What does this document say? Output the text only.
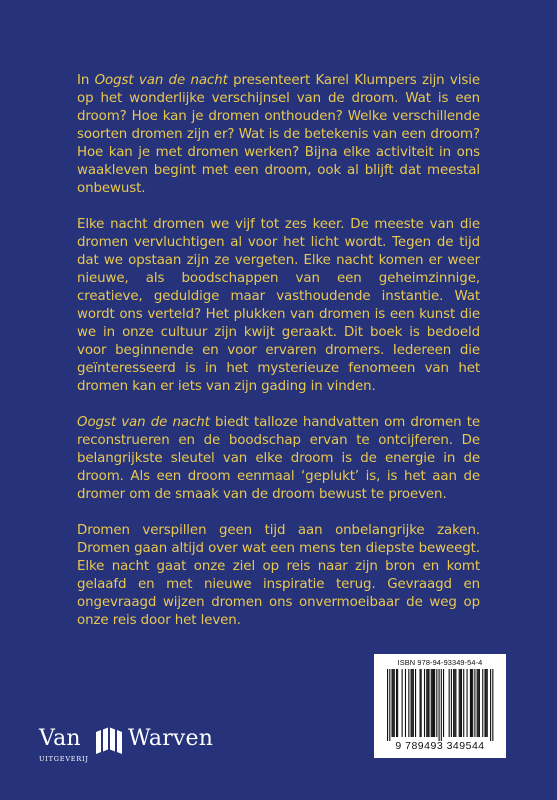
In Oogst van de nacht presenteert Karel Klumpers zijn visie op het wonderlijke verschijnsel van de droom. Wat is een droom? Hoe kan je dromen onthouden? Welke verschillende soorten dromen zijn er? Wat is de betekenis van een droom? Hoe kan je met dromen werken? Bijna elke activiteit in ons waakleven begint met een droom, ook al blijft dat meestal onbewust.

Elke nacht dromen we vijf tot zes keer. De meeste van die dromen vervluchtigen al voor het licht wordt. Tegen de tijd dat we opstaan zijn ze vergeten. Elke nacht komen er weer nieuwe, als boodschappen van een geheimzinnige, creatieve, geduldige maar vasthoudende instantie. Wat wordt ons verteld? Het plukken van dromen is een kunst die we in onze cultuur zijn kwijt geraakt. Dit boek is bedoeld voor beginnende en voor ervaren dromers. Iedereen die geïnteresseerd is in het mysterieuze fenomeen van het dromen kan er iets van zijn gading in vinden.

Oogst van de nacht biedt talloze handvatten om dromen te reconstrueren en de boodschap ervan te ontcijferen. De belangrijkste sleutel van elke droom is de energie in de droom. Als een droom eenmaal ‘geplukt’ is, is het aan de dromer om de smaak van de droom bewust te proeven.

Dromen verspillen geen tijd aan onbelangrijke zaken. Dromen gaan altijd over wat een mens ten diepste beweegt. Elke nacht gaat onze ziel op reis naar zijn bron en komt gelaafd en met nieuwe inspiratie terug. Gevraagd en ongevraagd wijzen dromen ons onvermoeibaar de weg op onze reis door het leven.

ISBN 978-94-93349-54-4
9 789493 349544
Van Warven
UITGEVERIJ
